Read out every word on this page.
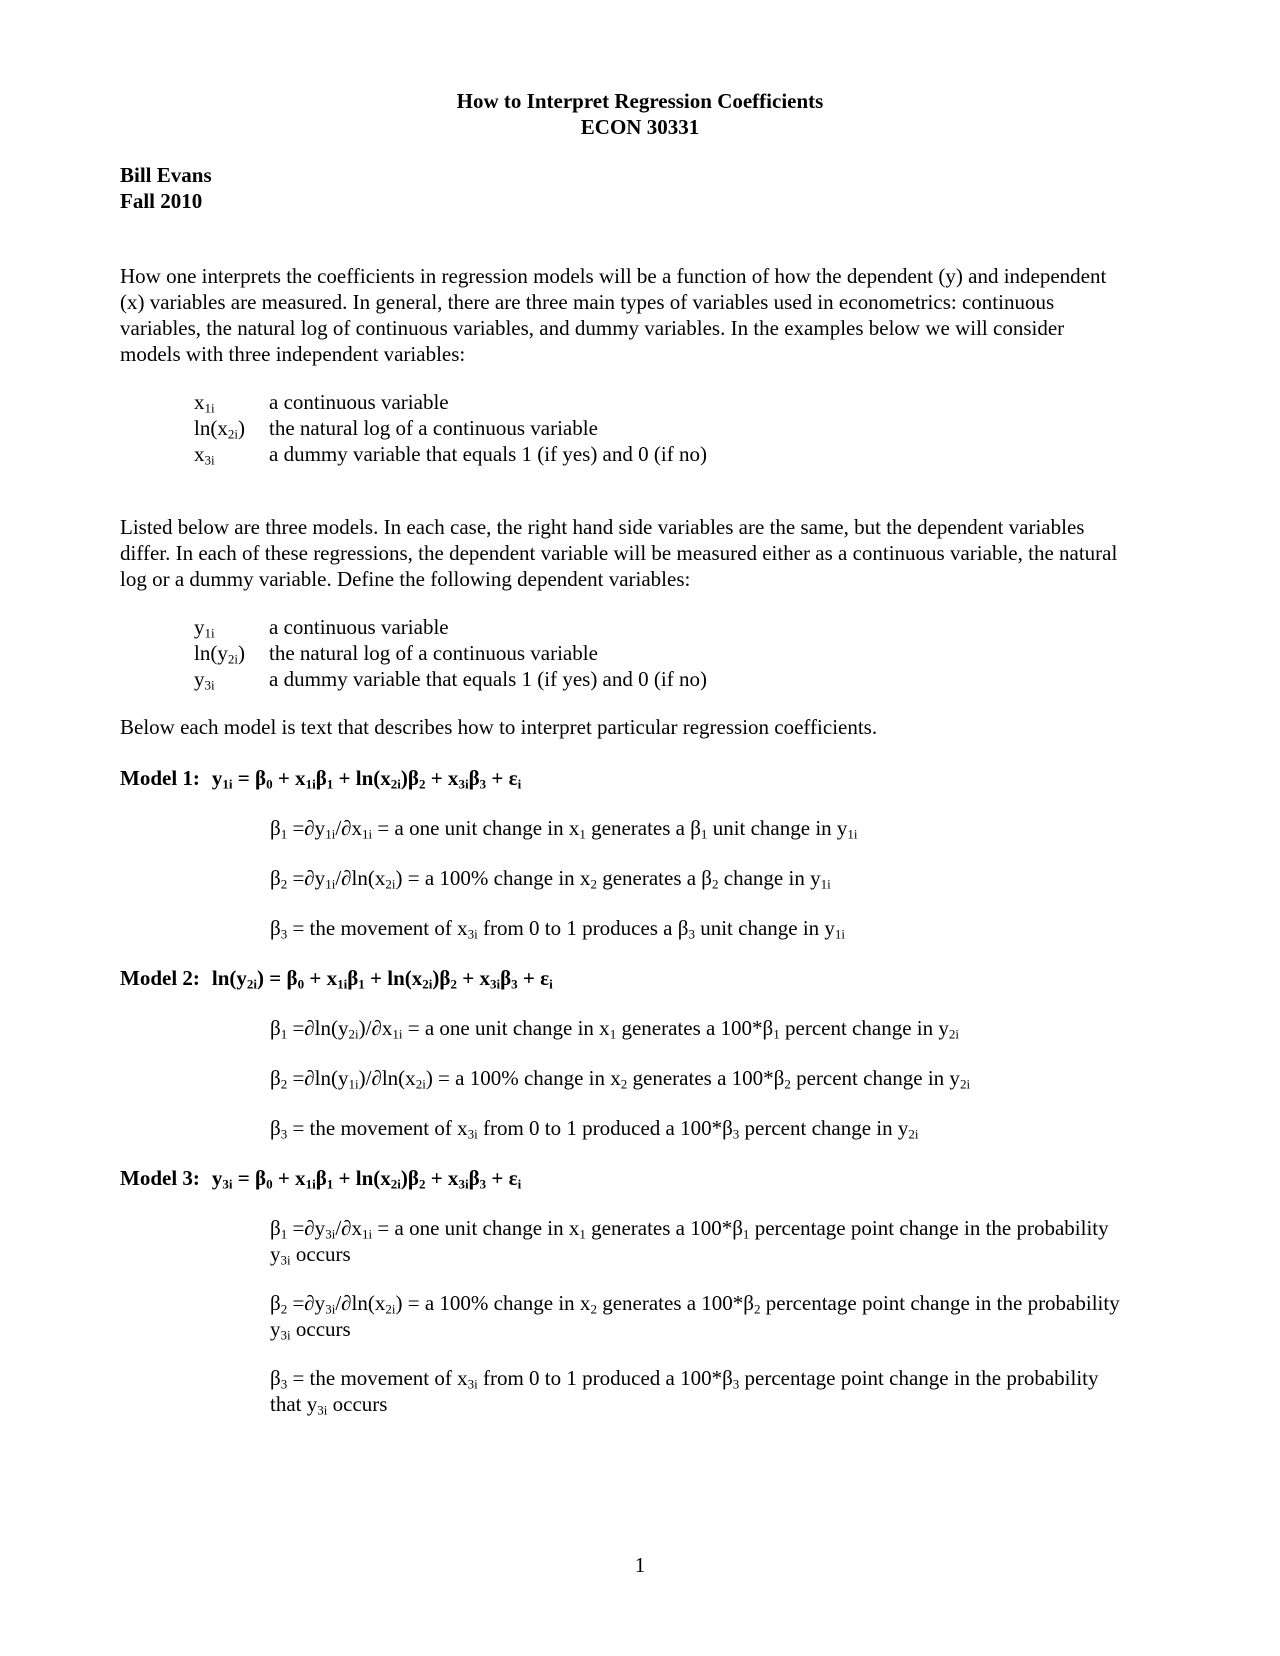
How to Interpret Regression Coefficients
ECON 30331
Bill Evans
Fall 2010
How one interprets the coefficients in regression models will be a function of how the dependent (y) and independent (x) variables are measured. In general, there are three main types of variables used in econometrics: continuous variables, the natural log of continuous variables, and dummy variables. In the examples below we will consider models with three independent variables:
$x_{1i}$	a continuous variable
$\ln(x_{2i})$	the natural log of a continuous variable
$x_{3i}$	a dummy variable that equals 1 (if yes) and 0 (if no)
Listed below are three models. In each case, the right hand side variables are the same, but the dependent variables differ. In each of these regressions, the dependent variable will be measured either as a continuous variable, the natural log or a dummy variable. Define the following dependent variables:
$y_{1i}$	a continuous variable
$\ln(y_{2i})$	the natural log of a continuous variable
$y_{3i}$	a dummy variable that equals 1 (if yes) and 0 (if no)
Below each model is text that describes how to interpret particular regression coefficients.
Model 1: $y_{1i} = \beta_0 + x_{1i}\beta_1 + \ln(x_{2i})\beta_2 + x_{3i}\beta_3 + \varepsilon_i$
$\beta_1 =\partial y_{1i}/\partial x_{1i} = a$ one unit change in $x_1$ generates a $\beta_1$ unit change in $y_{1i}$
$\beta_2 =\partial y_{1i}/\partial\ln(x_{2i}) = a$ 100% change in $x_2$ generates a $\beta_2$ change in $y_{1i}$
$\beta_3$ = the movement of $x_{3i}$ from 0 to 1 produces a $\beta_3$ unit change in $y_{1i}$
Model 2: $\ln(y_{2i}) = \beta_0 + x_{1i}\beta_1 + \ln(x_{2i})\beta_2 + x_{3i}\beta_3 + \varepsilon_i$
$\beta_1 =\partial\ln(y_{2i})/\partial x_{1i} = a$ one unit change in $x_1$ generates a $100*\beta_1$ percent change in $y_{2i}$
$\beta_2 =\partial\ln(y_{1i})/\partial\ln(x_{2i}) = a$ 100% change in $x_2$ generates a $100*\beta_2$ percent change in $y_{2i}$
$\beta_3$ = the movement of $x_{3i}$ from 0 to 1 produced a $100*\beta_3$ percent change in $y_{2i}$
Model 3: $y_{3i} = \beta_0 + x_{1i}\beta_1 + \ln(x_{2i})\beta_2 + x_{3i}\beta_3 + \varepsilon_i$
$\beta_1 =\partial y_{3i}/\partial x_{1i} = a$ one unit change in $x_1$ generates a $100*\beta_1$ percentage point change in the probability $y_{3i}$ occurs
$\beta_2 =\partial y_{3i}/\partial\ln(x_{2i}) = a$ 100% change in $x_2$ generates a $100*\beta_2$ percentage point change in the probability $y_{3i}$ occurs
$\beta_3$ = the movement of $x_{3i}$ from 0 to 1 produced a $100*\beta_3$ percentage point change in the probability that $y_{3i}$ occurs
1
